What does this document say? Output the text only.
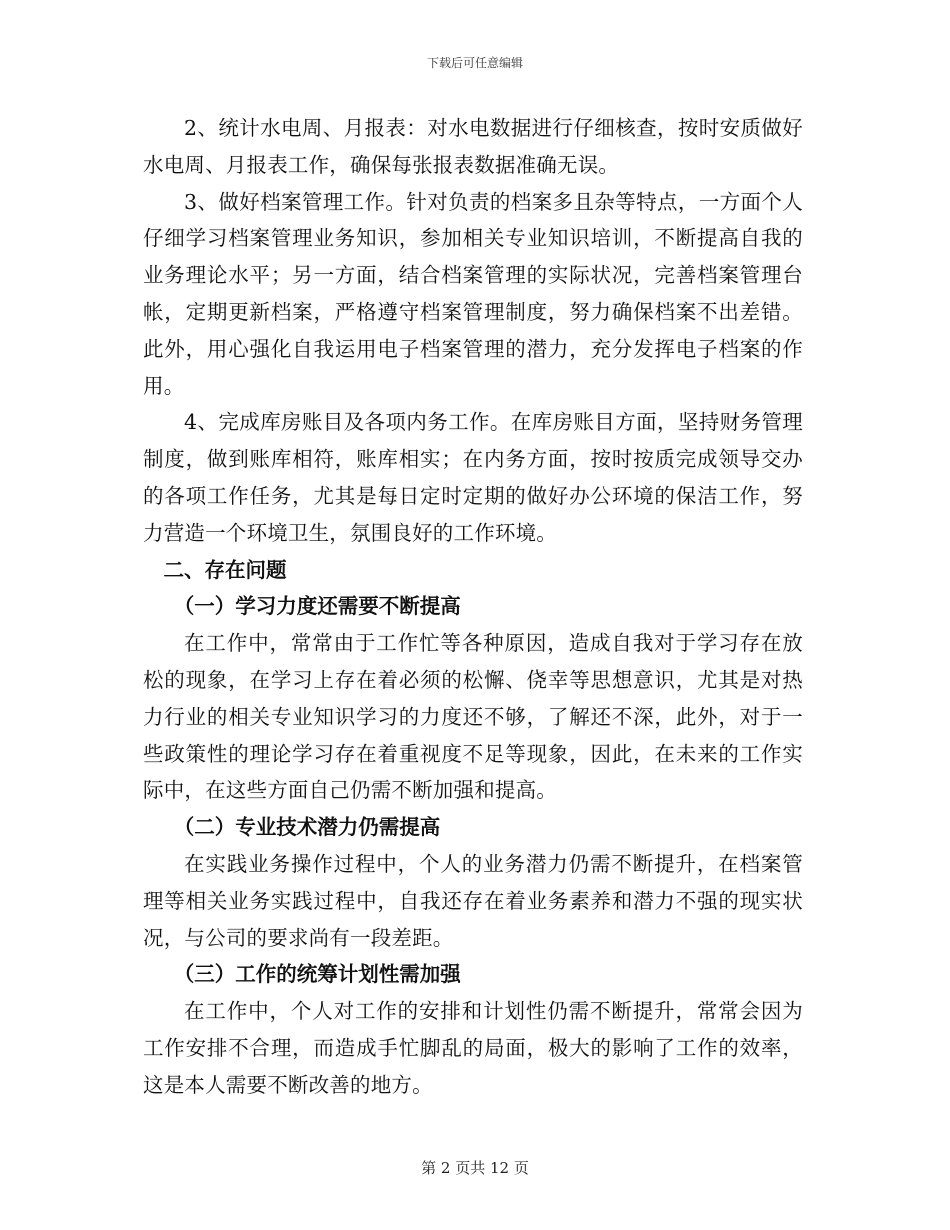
下载后可任意编辑

2、统计水电周、月报表：对水电数据进行仔细核查，按时安质做好水电周、月报表工作，确保每张报表数据准确无误。

3、做好档案管理工作。针对负责的档案多且杂等特点，一方面个人仔细学习档案管理业务知识，参加相关专业知识培训，不断提高自我的业务理论水平；另一方面，结合档案管理的实际状况，完善档案管理台帐，定期更新档案，严格遵守档案管理制度，努力确保档案不出差错。此外，用心强化自我运用电子档案管理的潜力，充分发挥电子档案的作用。

4、完成库房账目及各项内务工作。在库房账目方面，坚持财务管理制度，做到账库相符，账库相实；在内务方面，按时按质完成领导交办的各项工作任务，尤其是每日定时定期的做好办公环境的保洁工作，努力营造一个环境卫生，氛围良好的工作环境。

二、存在问题

（一）学习力度还需要不断提高

在工作中，常常由于工作忙等各种原因，造成自我对于学习存在放松的现象，在学习上存在着必须的松懈、侥幸等思想意识，尤其是对热力行业的相关专业知识学习的力度还不够，了解还不深，此外，对于一些政策性的理论学习存在着重视度不足等现象，因此，在未来的工作实际中，在这些方面自己仍需不断加强和提高。

（二）专业技术潜力仍需提高

在实践业务操作过程中，个人的业务潜力仍需不断提升，在档案管理等相关业务实践过程中，自我还存在着业务素养和潜力不强的现实状况，与公司的要求尚有一段差距。

（三）工作的统筹计划性需加强

在工作中，个人对工作的安排和计划性仍需不断提升，常常会因为工作安排不合理，而造成手忙脚乱的局面，极大的影响了工作的效率，这是本人需要不断改善的地方。

第 2 页共 12 页
